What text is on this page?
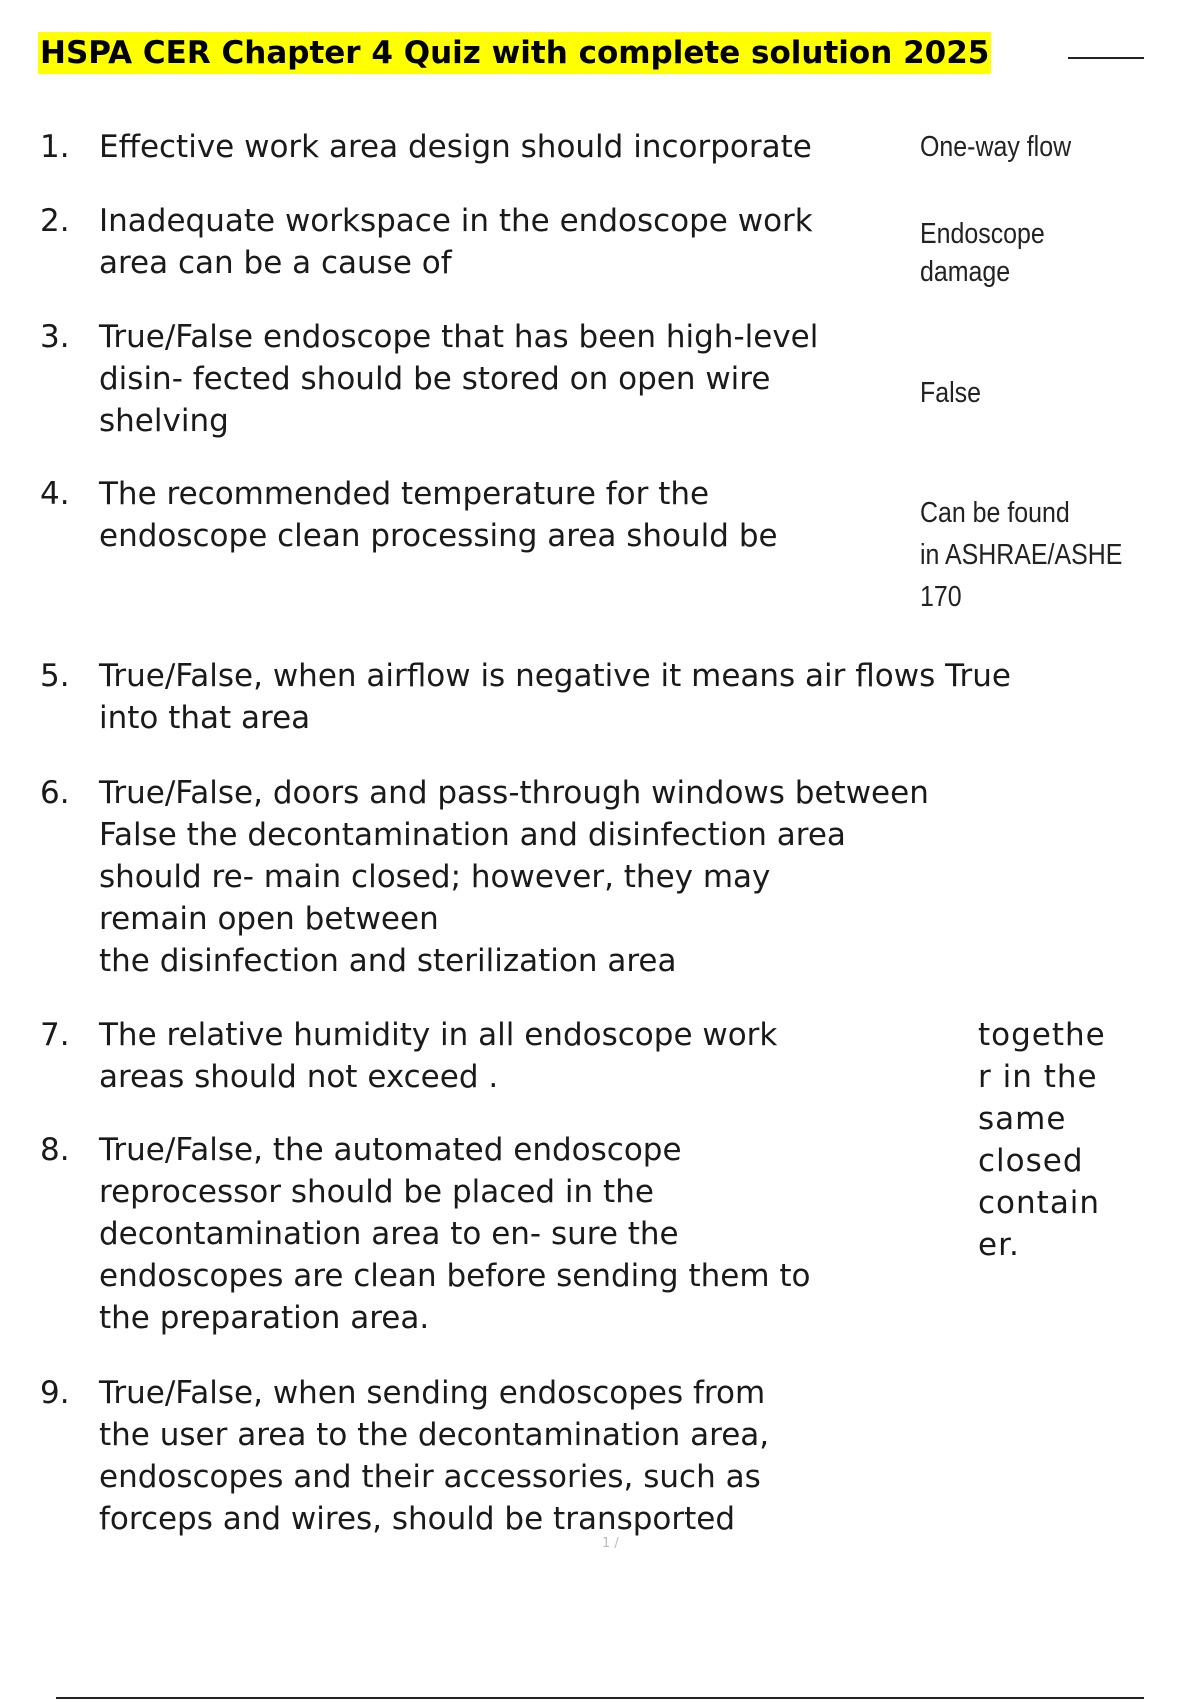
HSPA CER Chapter 4 Quiz with complete solution 2025
1. Effective work area design should incorporate	One-way flow
2. Inadequate workspace in the endoscope work
area can be a cause of
Endoscope
damage
3. True/False endoscope that has been high-level
disin- fected should be stored on open wire
shelving
False
4. The recommended temperature for the
endoscope clean processing area should be
Can be found
in ASHRAE/ASHE
170
5. True/False, when airflow is negative it means air flows True
into that area
6. True/False, doors and pass-through windows between
False the decontamination and disinfection area
should re- main closed; however, they may
remain open between
the disinfection and sterilization area
7. The relative humidity in all endoscope work
areas should not exceed .
togethe
r in the
same
closed
contain
er.
8. True/False, the automated endoscope
reprocessor should be placed in the
decontamination area to en- sure the
endoscopes are clean before sending them to
the preparation area.
9. True/False, when sending endoscopes from
the user area to the decontamination area,
endoscopes and their accessories, such as
forceps and wires, should be transported
1 /
